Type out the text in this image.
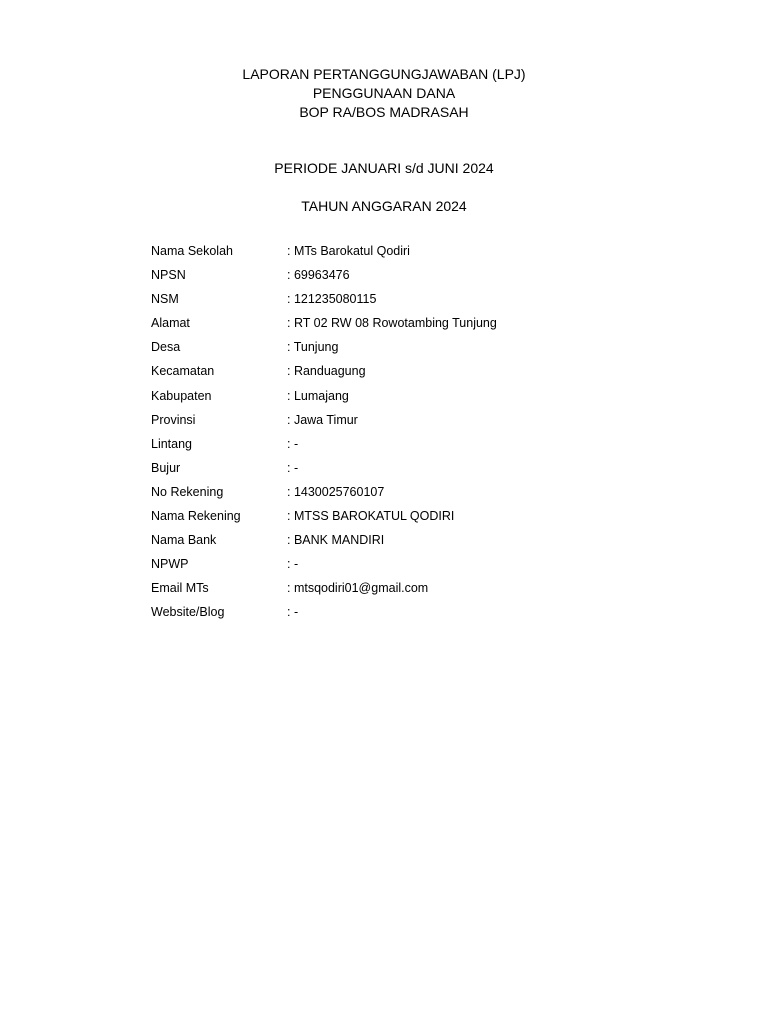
LAPORAN PERTANGGUNGJAWABAN (LPJ)
PENGGUNAAN DANA
BOP RA/BOS MADRASAH
PERIODE JANUARI s/d JUNI 2024
TAHUN ANGGARAN 2024
Nama Sekolah	: MTs Barokatul Qodiri
NPSN	: 69963476
NSM	: 121235080115
Alamat	: RT 02 RW 08 Rowotambing Tunjung
Desa	: Tunjung
Kecamatan	: Randuagung
Kabupaten	: Lumajang
Provinsi	: Jawa Timur
Lintang	: -
Bujur	: -
No Rekening	: 1430025760107
Nama Rekening	: MTSS BAROKATUL QODIRI
Nama Bank	: BANK MANDIRI
NPWP	: -
Email MTs	: mtsqodiri01@gmail.com
Website/Blog	: -
